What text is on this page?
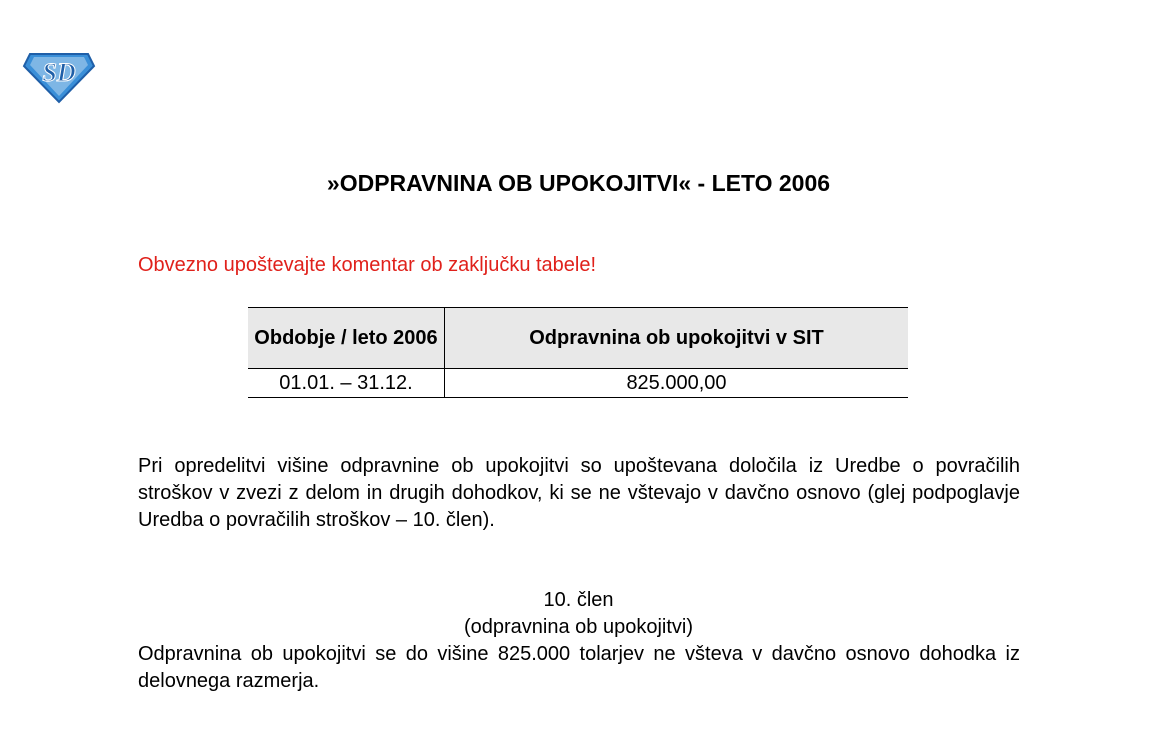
SD
»ODPRAVNINA OB UPOKOJITVI« - LETO 2006
Obvezno upoštevajte komentar ob zaključku tabele!
Obdobje / leto 2006	Odpravnina ob upokojitvi v SIT
01.01. – 31.12.	825.000,00
Pri opredelitvi višine odpravnine ob upokojitvi so upoštevana določila iz Uredbe o povračilih stroškov v zvezi z delom in drugih dohodkov, ki se ne vštevajo v davčno osnovo (glej podpoglavje Uredba o povračilih stroškov – 10. člen).
10. člen
(odpravnina ob upokojitvi)
Odpravnina ob upokojitvi se do višine 825.000 tolarjev ne všteva v davčno osnovo dohodka iz delovnega razmerja.
